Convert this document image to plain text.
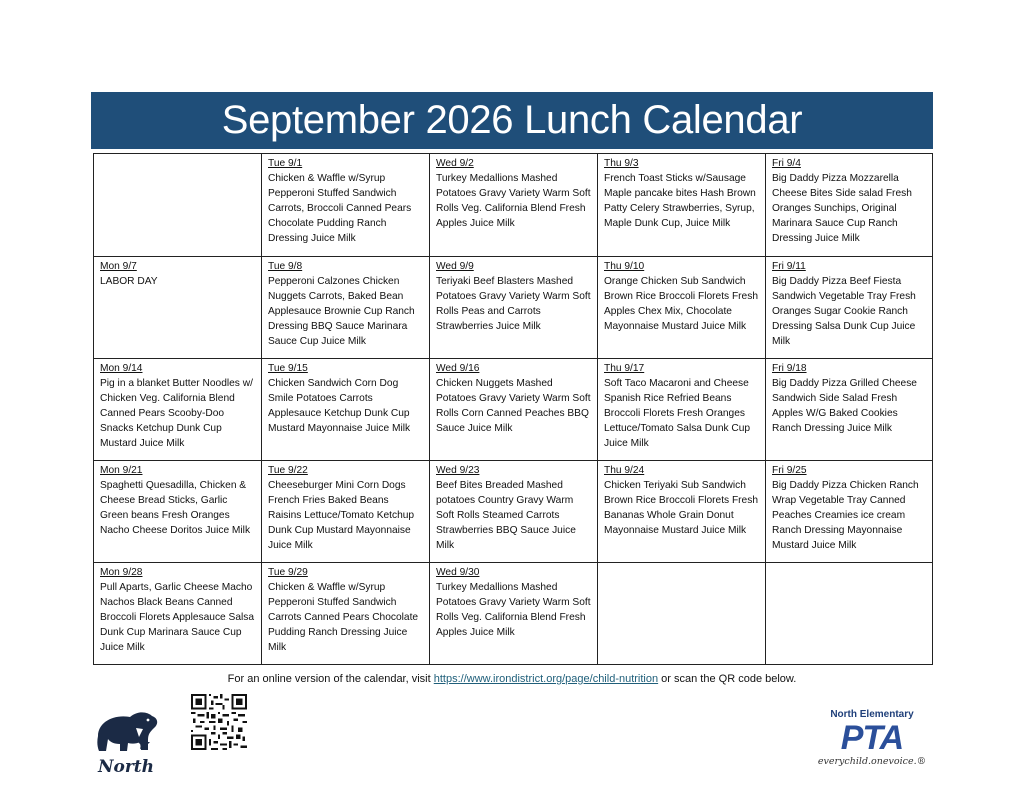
September 2026 Lunch Calendar

	Tue 9/1
Chicken & Waffle w/Syrup Pepperoni Stuffed Sandwich Carrots, Broccoli Canned Pears Chocolate Pudding Ranch Dressing Juice Milk	Wed 9/2
Turkey Medallions Mashed Potatoes Gravy Variety Warm Soft Rolls Veg. California Blend Fresh Apples Juice Milk	Thu 9/3
French Toast Sticks w/Sausage Maple pancake bites Hash Brown Patty Celery Strawberries, Syrup, Maple Dunk Cup, Juice Milk	Fri 9/4
Big Daddy Pizza Mozzarella Cheese Bites Side salad Fresh Oranges Sunchips, Original Marinara Sauce Cup Ranch Dressing Juice Milk

Mon 9/7
LABOR DAY	Tue 9/8
Pepperoni Calzones Chicken Nuggets Carrots, Baked Bean Applesauce Brownie Cup Ranch Dressing BBQ Sauce Marinara Sauce Cup Juice Milk	Wed 9/9
Teriyaki Beef Blasters Mashed Potatoes Gravy Variety Warm Soft Rolls Peas and Carrots Strawberries Juice Milk	Thu 9/10
Orange Chicken Sub Sandwich Brown Rice Broccoli Florets Fresh Apples Chex Mix, Chocolate Mayonnaise Mustard Juice Milk	Fri 9/11
Big Daddy Pizza Beef Fiesta Sandwich Vegetable Tray Fresh Oranges Sugar Cookie Ranch Dressing Salsa Dunk Cup Juice Milk

Mon 9/14
Pig in a blanket Butter Noodles w/ Chicken Veg. California Blend Canned Pears Scooby-Doo Snacks Ketchup Dunk Cup Mustard Juice Milk	Tue 9/15
Chicken Sandwich Corn Dog Smile Potatoes Carrots Applesauce Ketchup Dunk Cup Mustard Mayonnaise Juice Milk	Wed 9/16
Chicken Nuggets Mashed Potatoes Gravy Variety Warm Soft Rolls Corn Canned Peaches BBQ Sauce Juice Milk	Thu 9/17
Soft Taco Macaroni and Cheese Spanish Rice Refried Beans Broccoli Florets Fresh Oranges Lettuce/Tomato Salsa Dunk Cup Juice Milk	Fri 9/18
Big Daddy Pizza Grilled Cheese Sandwich Side Salad Fresh Apples W/G Baked Cookies Ranch Dressing Juice Milk

Mon 9/21
Spaghetti Quesadilla, Chicken & Cheese Bread Sticks, Garlic Green beans Fresh Oranges Nacho Cheese Doritos Juice Milk	Tue 9/22
Cheeseburger Mini Corn Dogs French Fries Baked Beans Raisins Lettuce/Tomato Ketchup Dunk Cup Mustard Mayonnaise Juice Milk	Wed 9/23
Beef Bites Breaded Mashed potatoes Country Gravy Warm Soft Rolls Steamed Carrots Strawberries BBQ Sauce Juice Milk	Thu 9/24
Chicken Teriyaki Sub Sandwich Brown Rice Broccoli Florets Fresh Bananas Whole Grain Donut Mayonnaise Mustard Juice Milk	Fri 9/25
Big Daddy Pizza Chicken Ranch Wrap Vegetable Tray Canned Peaches Creamies ice cream Ranch Dressing Mayonnaise Mustard Juice Milk

Mon 9/28
Pull Aparts, Garlic Cheese Macho Nachos Black Beans Canned Broccoli Florets Applesauce Salsa Dunk Cup Marinara Sauce Cup Juice Milk	Tue 9/29
Chicken & Waffle w/Syrup Pepperoni Stuffed Sandwich Carrots Canned Pears Chocolate Pudding Ranch Dressing Juice Milk	Wed 9/30
Turkey Medallions Mashed Potatoes Gravy Variety Warm Soft Rolls Veg. California Blend Fresh Apples Juice Milk		

For an online version of the calendar, visit https://www.irondistrict.org/page/child-nutrition or scan the QR code below.
North
North Elementary
PTA
everychild.onevoice.®
